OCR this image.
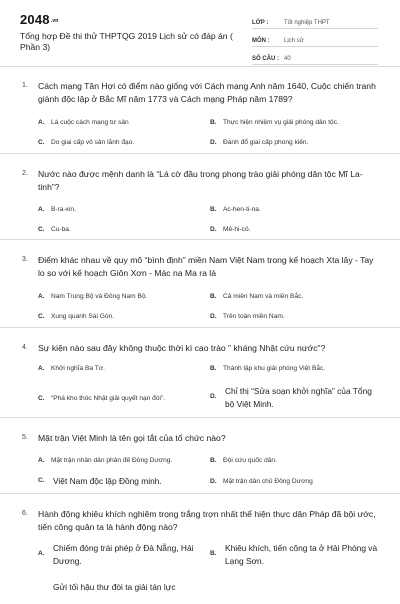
2048.vn
Tổng hợp Đề thi thử THPTQG 2019 Lịch sử có đáp án ( Phần 3)
LỚP :	Tốt nghiệp THPT
MÔN :	Lịch sử
SỐ CÂU : 40
1. Cách mạng Tân Hợi có điểm nào giống với Cách mạng Anh năm 1640, Cuộc chiến tranh giành độc lập ở Bắc Mĩ năm 1773 và Cách mạng Pháp năm 1789?
A. Là cuộc cách mạng tư sản	B. Thực hiện nhiệm vụ giải phóng dân tộc.
C. Do giai cấp vô sản lãnh đạo.	D. Đánh đổ giai cấp phong kiến.
2. Nước nào được mệnh danh là “Lá cờ đầu trong phong trào giải phóng dân tộc Mĩ La- tinh”?
A. B-ra-xin.	B. Ac-hen-ti-na.
C. Cu-ba.	D. Mê-hi-cô.
3. Điểm khác nhau về quy mô “bình định” miền Nam Việt Nam trong kế hoạch Xta lây - Tay lo so với kế hoạch Giôn Xơn - Mác na Ma ra là
A. Nam Trung Bộ và Đông Nam Bộ.	B. Cả miền Nam và miền Bắc.
C. Xung quanh Sài Gòn.	D. Trên toàn miền Nam.
4. Sự kiện nào sau đây không thuộc thời kì cao trào " kháng Nhật cứu nước"?
A. Khởi nghĩa Ba Tơ.	B. Thành lập khu giải phóng Việt Bắc.
C. “Phá kho thóc Nhật giải quyết nạn đói”.	D.
Chỉ thị “Sửa soạn khởi nghĩa” của Tổng bộ Việt Minh.
5. Mặt trận Việt Minh là tên gọi tắt của tổ chức nào?
A. Mặt trận nhân dân phản đế Đông Dương.	B. Đội cứu quốc dân.
C.	Việt Nam độc lập Đồng minh.	D. Mặt trận dân chủ Đông Dương
6. Hành động khiêu khích nghiêm trọng trắng trợn nhất thể hiện thực dân Pháp đã bội ước, tiến công quân ta là hành động nào?
A.
Chiếm đóng trái phép ở Đà Nẵng, Hải Dương.
B.
Khiêu khích, tiến công ta ở Hải Phòng và Lạng Sơn.
Gửi tối hậu thư đòi ta giải tán lực
